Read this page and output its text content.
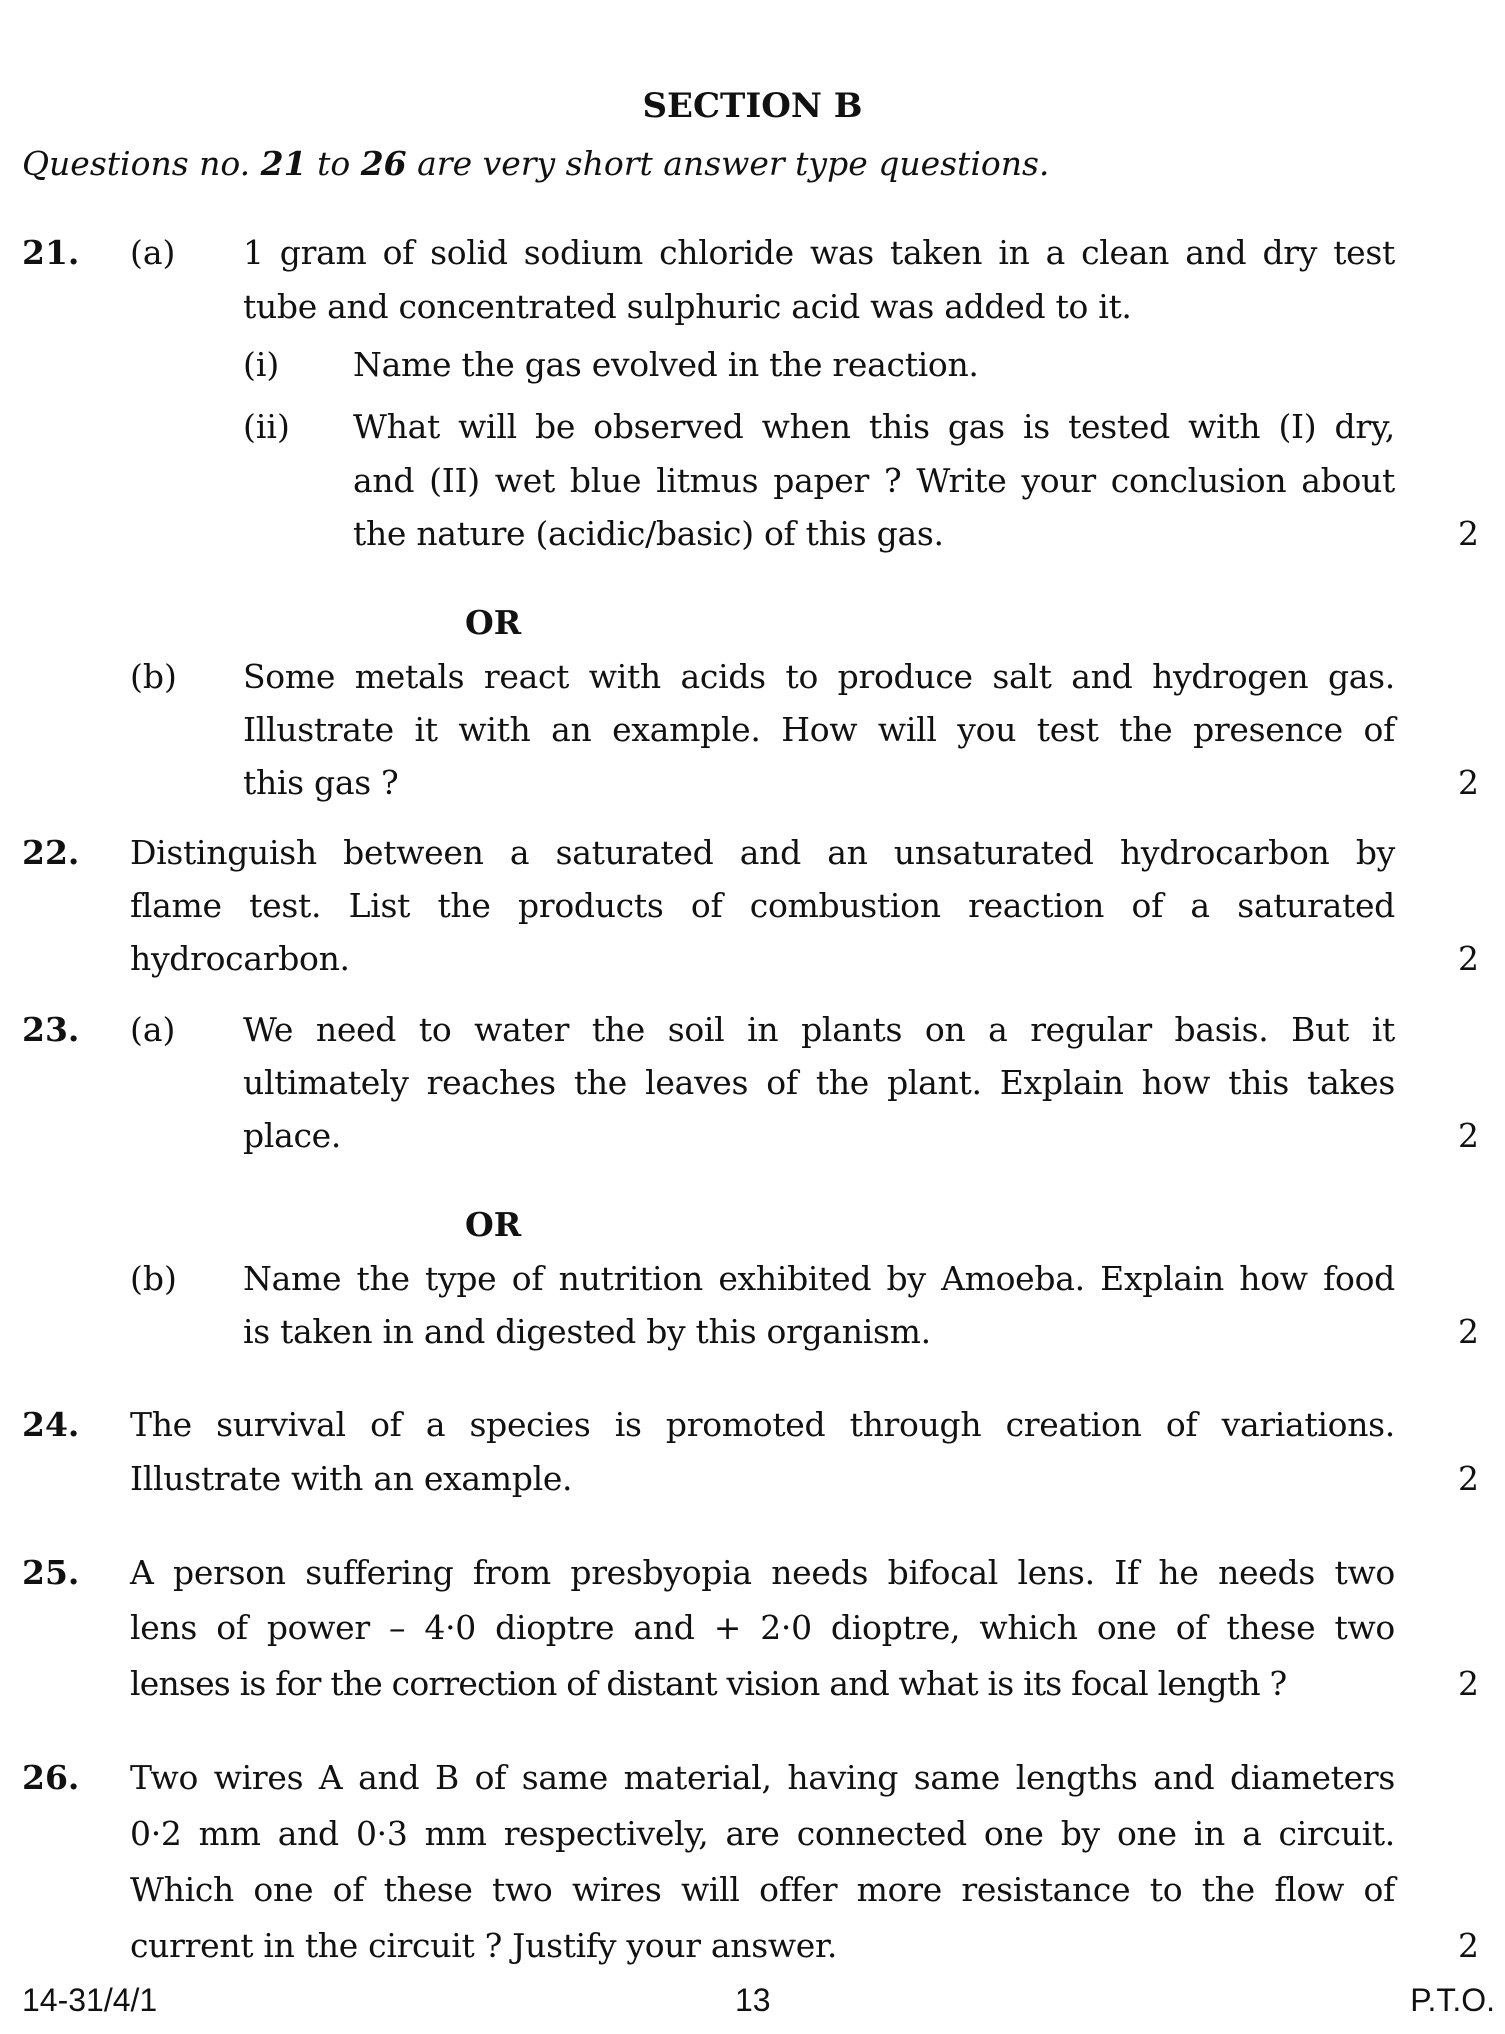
SECTION B
Questions no. 21 to 26 are very short answer type questions.
21. (a) 1 gram of solid sodium chloride was taken in a clean and dry test
tube and concentrated sulphuric acid was added to it.
(i) Name the gas evolved in the reaction.
(ii) What will be observed when this gas is tested with (I) dry,
and (II) wet blue litmus paper ? Write your conclusion about
the nature (acidic/basic) of this gas.	2
OR
(b) Some metals react with acids to produce salt and hydrogen gas.
Illustrate it with an example. How will you test the presence of
this gas ?	2
22. Distinguish between a saturated and an unsaturated hydrocarbon by
flame test. List the products of combustion reaction of a saturated
hydrocarbon.	2
23. (a) We need to water the soil in plants on a regular basis. But it
ultimately reaches the leaves of the plant. Explain how this takes
place.	2
OR
(b) Name the type of nutrition exhibited by Amoeba. Explain how food
is taken in and digested by this organism.	2
24. The survival of a species is promoted through creation of variations.
Illustrate with an example.	2
25. A person suffering from presbyopia needs bifocal lens. If he needs two
lens of power – 4·0 dioptre and + 2·0 dioptre, which one of these two
lenses is for the correction of distant vision and what is its focal length ?	2
26. Two wires A and B of same material, having same lengths and diameters
0·2 mm and 0·3 mm respectively, are connected one by one in a circuit.
Which one of these two wires will offer more resistance to the flow of
current in the circuit ? Justify your answer.	2
14-31/4/1	13	P.T.O.
